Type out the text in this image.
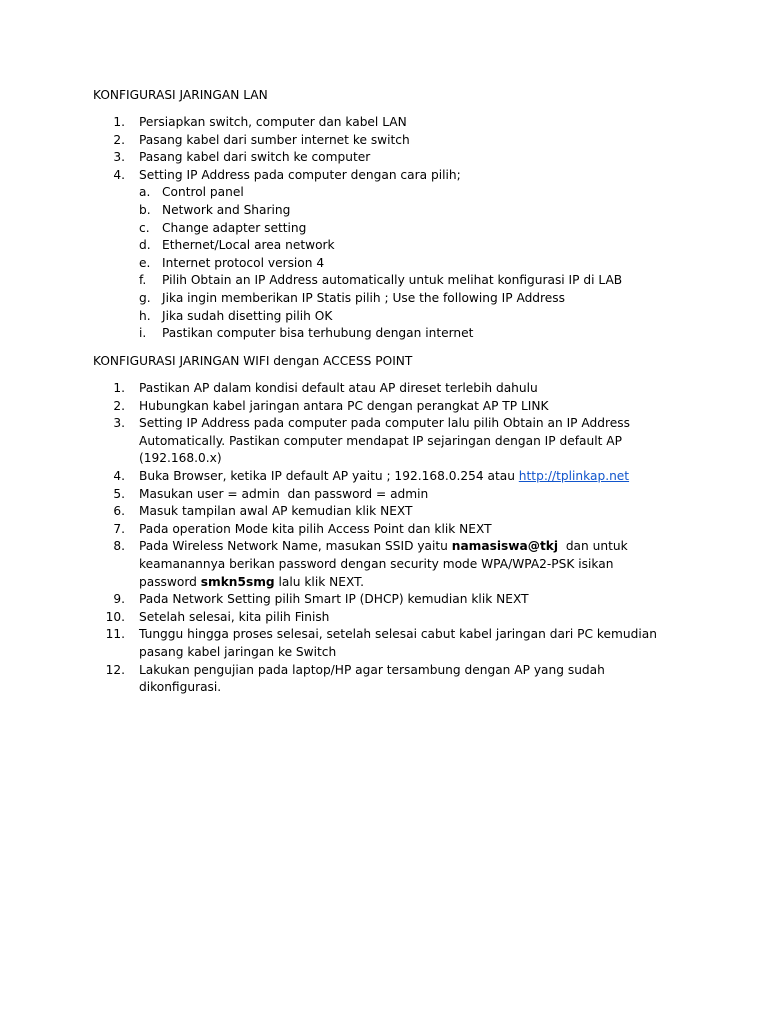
KONFIGURASI JARINGAN LAN
1. Persiapkan switch, computer dan kabel LAN
2. Pasang kabel dari sumber internet ke switch
3. Pasang kabel dari switch ke computer
4. Setting IP Address pada computer dengan cara pilih;
a. Control panel
b. Network and Sharing
c. Change adapter setting
d. Ethernet/Local area network
e. Internet protocol version 4
f. Pilih Obtain an IP Address automatically untuk melihat konfigurasi IP di LAB
g. Jika ingin memberikan IP Statis pilih ; Use the following IP Address
h. Jika sudah disetting pilih OK
i. Pastikan computer bisa terhubung dengan internet
KONFIGURASI JARINGAN WIFI dengan ACCESS POINT
1. Pastikan AP dalam kondisi default atau AP direset terlebih dahulu
2. Hubungkan kabel jaringan antara PC dengan perangkat AP TP LINK
3. Setting IP Address pada computer pada computer lalu pilih Obtain an IP Address Automatically. Pastikan computer mendapat IP sejaringan dengan IP default AP (192.168.0.x)
4. Buka Browser, ketika IP default AP yaitu ; 192.168.0.254 atau http://tplinkap.net
5. Masukan user = admin  dan password = admin
6. Masuk tampilan awal AP kemudian klik NEXT
7. Pada operation Mode kita pilih Access Point dan klik NEXT
8. Pada Wireless Network Name, masukan SSID yaitu namasiswa@tkj  dan untuk keamanannya berikan password dengan security mode WPA/WPA2-PSK isikan password smkn5smg lalu klik NEXT.
9. Pada Network Setting pilih Smart IP (DHCP) kemudian klik NEXT
10. Setelah selesai, kita pilih Finish
11. Tunggu hingga proses selesai, setelah selesai cabut kabel jaringan dari PC kemudian pasang kabel jaringan ke Switch
12. Lakukan pengujian pada laptop/HP agar tersambung dengan AP yang sudah dikonfigurasi.
